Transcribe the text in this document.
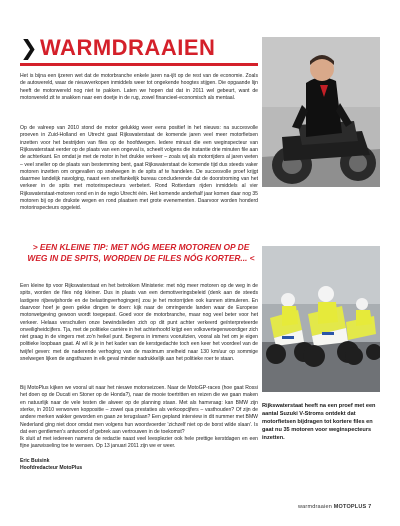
❯ WARMDRAAIEN

Het is bijna een ijzeren wet dat de motorbranche enkele jaren na-ijlt op de rest van de economie. Zoals de autowereld, waar de nieuwverkopen inmiddels weer tot ongekende hoogtes stijgen. Die opgaande lijn heeft de motorwereld nog niet te pakken. Laten we hopen dat dat in 2011 wel gebeurt, want de motorwereld zit te snakken naar een doetje in de rug, zowel financieel-economisch als mentaal.

Op de valreep van 2010 stond de motor gelukkig weer eens positief in het nieuws: na succesvolle proeven in Zuid-Holland en Utrecht gaat Rijkswaterstaat de komende jaren veel meer motorfietsen inzetten voor het bestrijden van files op de hoofdwegen. Iedere minuut die een weginspecteur van Rijkswaterstaat eerder op de plaats van een ongeval is, scheelt volgens die instantie drie minuten file aan de achterkant. En omdat je met de motor in het drukke verkeer – zoals wij als motorrijders al jaren weten – veel sneller op de plaats van bestemming bent, gaat Rijkswaterstaat de komende tijd dus steeds vaker motoren inzetten om ongevallen op snelwegen in de spits af te handelen. De succesvolle proef krijgt daarmee landelijk navolging, naast een snelfankelijk bureau concluderende dat de doorstroming van het verkeer in de spits met motorinspecteurs verbetert. Rond Rotterdam rijden inmiddels al vier Rijkswaterstaat-motoren rond en in de regio Utrecht één. Het komende anderhalf jaar komen daar nog 35 motoren bij op de drukste wegen en rond plaatsen met grote evenementen. Daarvoor worden honderd motorinspecteurs opgeleid.

> EEN KLEINE TIP: MET NÓG MEER MOTOREN OP DE WEG IN DE SPITS, WORDEN DE FILES NÓG KORTER... <

Een kleine tip voor Rijkswaterstaat en het betrokken Ministerie: met nóg meer motoren op de weg in de spits, worden de files nóg kleiner. Dus in plaats van een demotiveringsbeleid (denk aan de steeds lastigere rijbewijshorde en de belastingverhogingen) zou je het motorrijden ook kunnen stimuleren. En daarvoor hoef je geen gekke dingen te doen: kijk naar de omringende landen waar de Europese motorwetgeving gewoon wordt toegepast. Goed voor de motorbranche, maar nog veel beter voor het verkeer. Helaas verschuilen onze bewindslieden zich op dit punt achter verkeerd geïnterpreteerde onveiligheidcijfers. Tja, met de politieke carrière in het achterhoofd krijgt een volksvertegenwoordiger zich niet graag in de vingers met zo'n heikel punt. Begrens in immers vooruitzien, vooral als het om je eigen politieke loopbaan gaat. Al wil ik je in het kader van de kerstgedachte toch een keer het voordeel van de twijfel geven: met de naderende verhoging van de maximum snelheid naar 130 km/uur op sommige snelwegen lijken de angsthazen in elk geval minder nadrukkelijk aan het politieke roer te staan.

Bij MotoPlus kijken we vooral uit naar het nieuwe motorseizoen. Naar de MotoGP-races (hoe gaat Rossi het doen op de Ducati en Stoner op de Honda?), naar de mooie toertritten en reizen die we gaan maken en natuurlijk naar de vele testen die alweer op de planning staan. Met als hamvraag: kan BMW zijn sterke, in 2010 verworven koppositie – zowel qua prestaties als verkoopcijfers – vasthouden? Of zijn de andere merken wakker geworden en gaan ze terugslaan? Een gepland interview in dit nummer met BMW Nederland ging niet door omdat men volgens hun woordvoerder 'zichzelf niet op de borst wilde slaan'. Is dat een gentlemen's antwoord of gebrek aan vertrouwen in de toekomst?

Ik sluit af met iedereen namens de redactie naast veel leesplezier ook hele prettige kerstdagen en een fijne jaarwisseling toe te wensen. Op 13 januari 2011 zijn we er weer.

Eric Buisink
Hoofdredacteur MotoPlus
Rijkswaterstaat heeft na een proef met een aantal Suzuki V-Stroms ontdekt dat motorfietsen bijdragen tot kortere files en gaat nu 35 motoren voor weginspecteurs inzetten.
warmdraaien MOTOPLUS 7
